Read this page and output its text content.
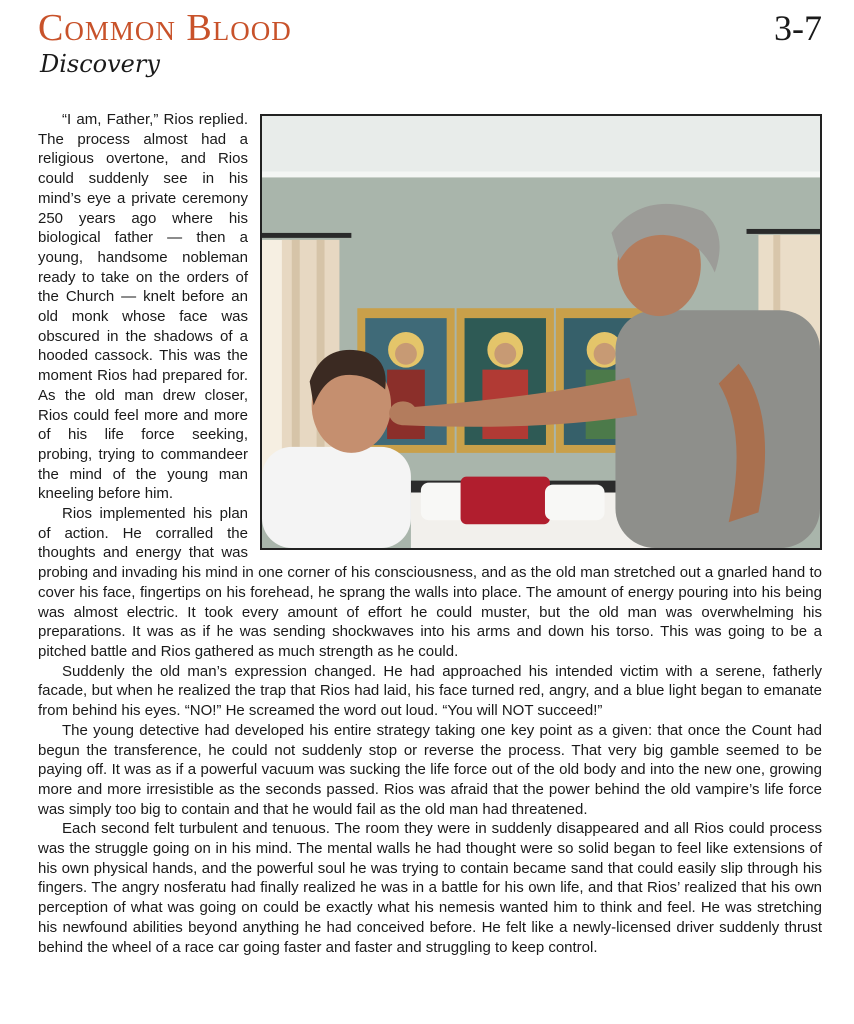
Common Blood
Discovery
3-7

“I am, Father,” Rios replied. The process almost had a religious overtone, and Rios could suddenly see in his mind’s eye a private ceremony 250 years ago where his biological father — then a young, handsome nobleman ready to take on the orders of the Church — knelt before an old monk whose face was obscured in the shadows of a hooded cassock. This was the moment Rios had prepared for. As the old man drew closer, Rios could feel more and more of his life force seeking, probing, trying to commandeer the mind of the young man kneeling before him.

Rios implemented his plan of action. He corralled the thoughts and energy that was probing and invading his mind in one corner of his consciousness, and as the old man stretched out a gnarled hand to cover his face, fingertips on his forehead, he sprang the walls into place. The amount of energy pouring into his being was almost electric. It took every amount of effort he could muster, but the old man was overwhelming his preparations. It was as if he was sending shockwaves into his arms and down his torso. This was going to be a pitched battle and Rios gathered as much strength as he could.

Suddenly the old man’s expression changed. He had approached his intended victim with a serene, fatherly facade, but when he realized the trap that Rios had laid, his face turned red, angry, and a blue light began to emanate from behind his eyes. “NO!” He screamed the word out loud. “You will NOT succeed!”

The young detective had developed his entire strategy taking one key point as a given: that once the Count had begun the transference, he could not suddenly stop or reverse the process. That very big gamble seemed to be paying off. It was as if a powerful vacuum was sucking the life force out of the old body and into the new one, growing more and more irresistible as the seconds passed. Rios was afraid that the power behind the old vampire’s life force was simply too big to contain and that he would fail as the old man had threatened.

Each second felt turbulent and tenuous. The room they were in suddenly disappeared and all Rios could process was the struggle going on in his mind. The mental walls he had thought were so solid began to feel like extensions of his own physical hands, and the powerful soul he was trying to contain became sand that could easily slip through his fingers. The angry nosferatu had finally realized he was in a battle for his own life, and that Rios’ realized that his own perception of what was going on could be exactly what his nemesis wanted him to think and feel. He was stretching his newfound abilities beyond anything he had conceived before. He felt like a newly-licensed driver suddenly thrust behind the wheel of a race car going faster and faster and struggling to keep control.
